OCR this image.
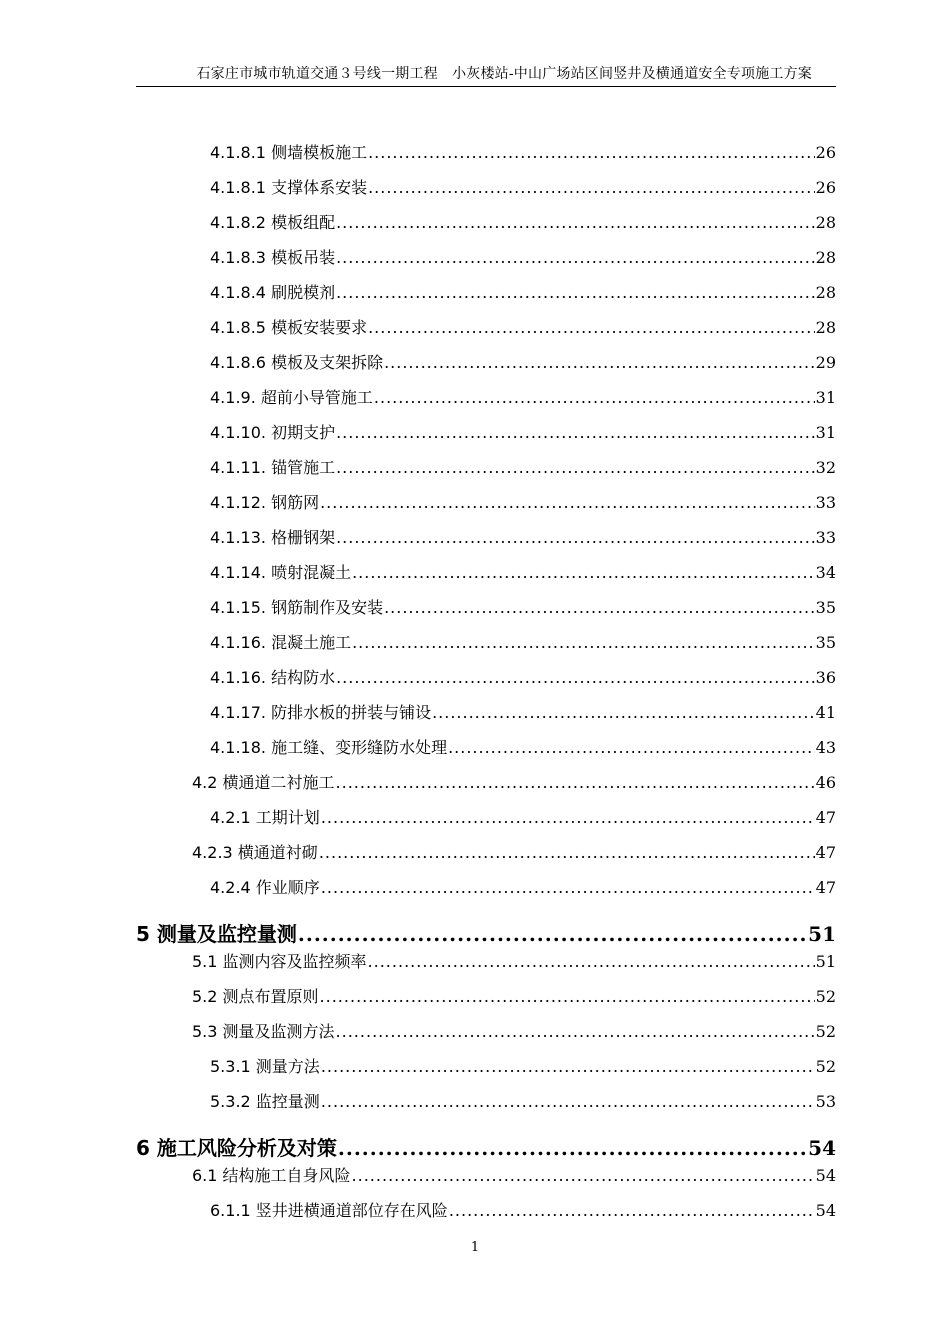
石家庄市城市轨道交通３号线一期工程　小灰楼站-中山广场站区间竖井及横通道安全专项施工方案
4.1.8.1 侧墙模板施工 .....	26
4.1.8.1 支撑体系安装 .....	26
4.1.8.2 模板组配 .....	28
4.1.8.3 模板吊装 .....	28
4.1.8.4 刷脱模剂 .....	28
4.1.8.5 模板安装要求 .....	28
4.1.8.6 模板及支架拆除 .....	29
4.1.9. 超前小导管施工 .....	31
4.1.10. 初期支护 .....	31
4.1.11. 锚管施工 .....	32
4.1.12. 钢筋网 .....	33
4.1.13. 格栅钢架 .....	33
4.1.14. 喷射混凝土 .....	34
4.1.15. 钢筋制作及安装 .....	35
4.1.16. 混凝土施工 .....	35
4.1.16. 结构防水 .....	36
4.1.17. 防排水板的拼装与铺设 .....	41
4.1.18. 施工缝、变形缝防水处理 .....	43
4.2 横通道二衬施工 .....	46
4.2.1 工期计划 .....	47
4.2.3 横通道衬砌 .....	47
4.2.4 作业顺序 .....	47
5 测量及监控量测 .....	51
5.1 监测内容及监控频率 .....	51
5.2 测点布置原则 .....	52
5.3 测量及监测方法 .....	52
5.3.1 测量方法 .....	52
5.3.2 监控量测 .....	53
6 施工风险分析及对策 .....	54
6.1 结构施工自身风险 .....	54
6.1.1 竖井进横通道部位存在风险 .....	54
1
